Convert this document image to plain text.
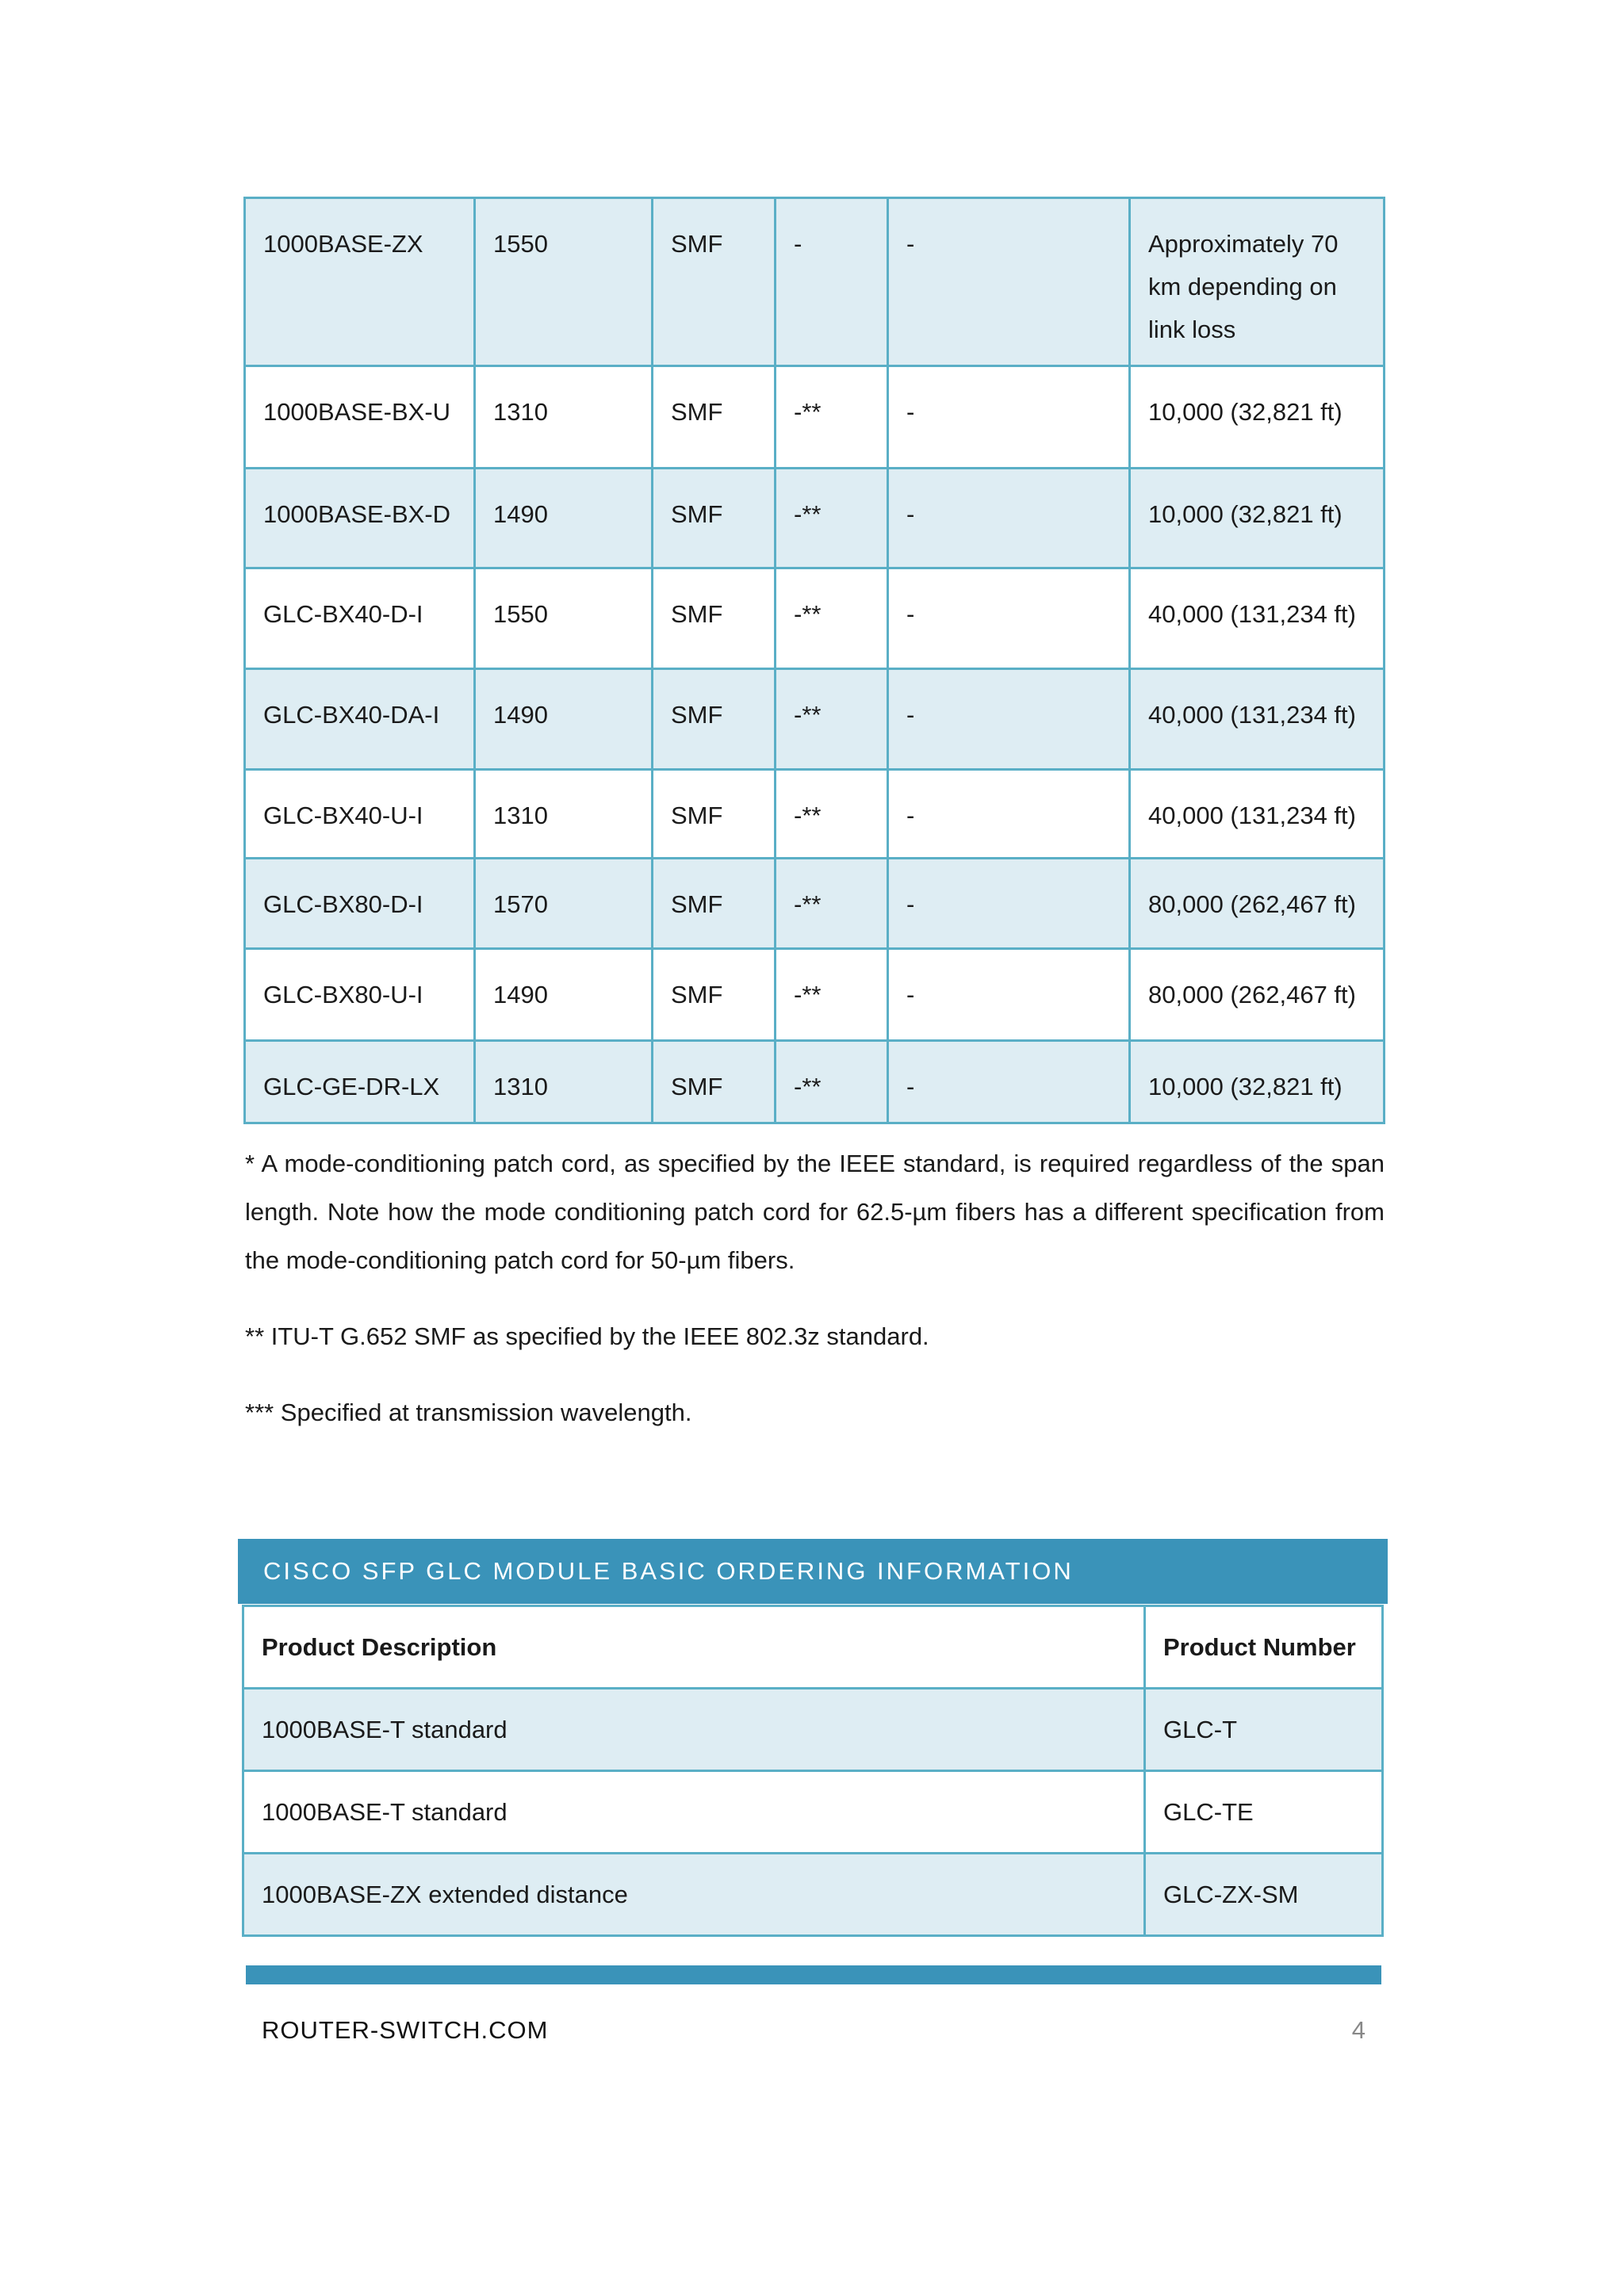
1000BASE-ZX	1550	SMF	-	-	Approximately 70
km depending on
link loss

1000BASE-BX-U	1310	SMF	-**	-	10,000 (32,821 ft)
1000BASE-BX-D	1490	SMF	-**	-	10,000 (32,821 ft)
GLC-BX40-D-I	1550	SMF	-**	-	40,000 (131,234 ft)
GLC-BX40-DA-I	1490	SMF	-**	-	40,000 (131,234 ft)
GLC-BX40-U-I	1310	SMF	-**	-	40,000 (131,234 ft)
GLC-BX80-D-I	1570	SMF	-**	-	80,000 (262,467 ft)
GLC-BX80-U-I	1490	SMF	-**	-	80,000 (262,467 ft)
GLC-GE-DR-LX	1310	SMF	-**	-	10,000 (32,821 ft)

* A mode-conditioning patch cord, as specified by the IEEE standard, is required regardless of the span length. Note how the mode conditioning patch cord for 62.5-µm fibers has a different specification from the mode-conditioning patch cord for 50-µm fibers.

** ITU-T G.652 SMF as specified by the IEEE 802.3z standard.

*** Specified at transmission wavelength.

CISCO SFP GLC MODULE BASIC ORDERING INFORMATION
Product Description	Product Number
1000BASE-T standard	GLC-T
1000BASE-T standard	GLC-TE
1000BASE-ZX extended distance	GLC-ZX-SM
ROUTER-SWITCH.COM	4
